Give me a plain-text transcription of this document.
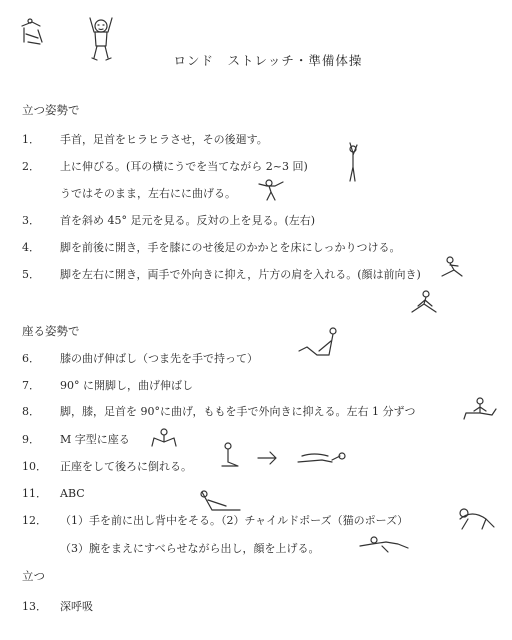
ロンド　ストレッチ・準備体操
立つ姿勢で
1． 手首，足首をヒラヒラさせ，その後廻す。
2． 上に伸びる。(耳の横にうでを当てながら 2~3 回)
うではそのまま，左右にに曲げる。
3． 首を斜め 45° 足元を見る。反対の上を見る。(左右)
4． 脚を前後に開き，手を膝にのせ後足のかかとを床にしっかりつける。
5． 脚を左右に開き，両手で外向きに抑え，片方の肩を入れる。(顔は前向き)
座る姿勢で
6． 膝の曲げ伸ばし（つま先を手で持って）
7． 90° に開脚し，曲げ伸ばし
8． 脚，膝，足首を 90°に曲げ，ももを手で外向きに抑える。左右 1 分ずつ
9． M 字型に座る
10． 正座をして後ろに倒れる。
11． ABC
12． （1）手を前に出し背中をそる。（2）チャイルドポーズ（猫のポーズ）
（3）腕をまえにすべらせながら出し，顔を上げる。
立つ
13． 深呼吸
